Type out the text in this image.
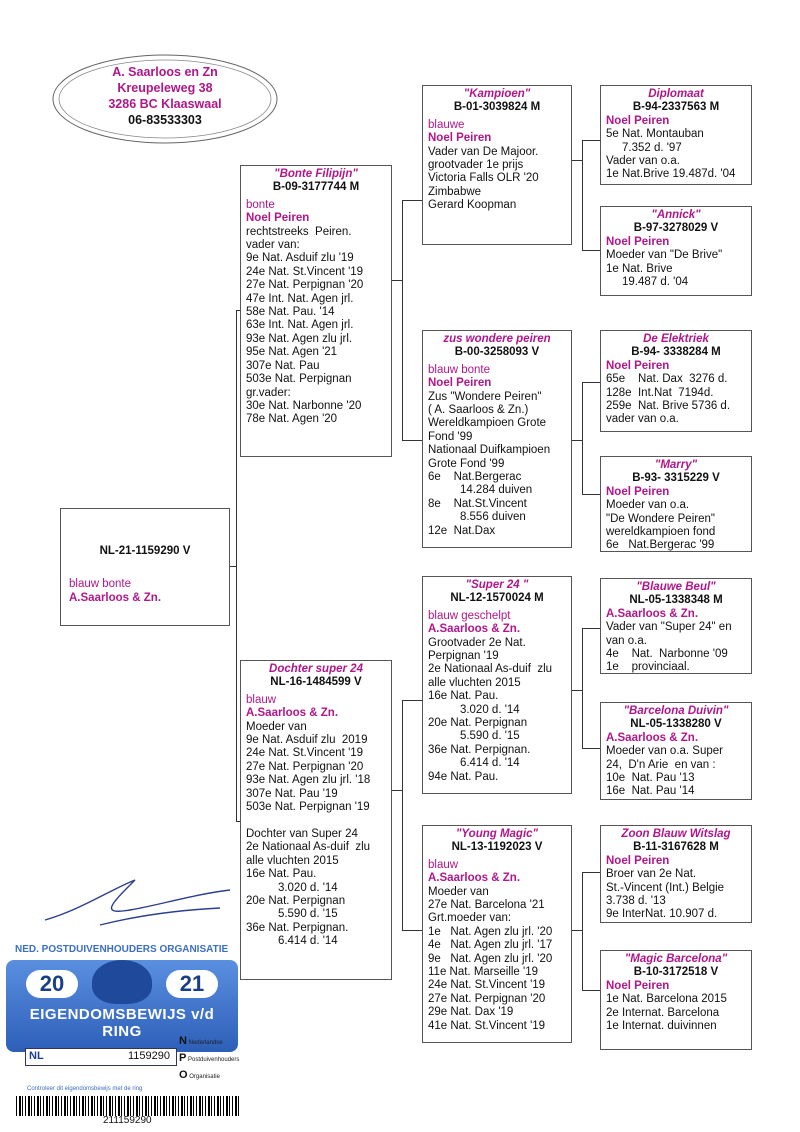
A. Saarloos en Zn
Kreupeleweg 38
3286 BC Klaaswaal
06-83533303
NL-21-1159290 V
blauw bonte
A.Saarloos & Zn.
"Bonte Filipijn"
B-09-3177744 M
bonte
Noel Peiren
rechtstreeks  Peiren.
vader van:
9e Nat. Asduif zlu '19
24e Nat. St.Vincent '19
27e Nat. Perpignan '20
47e Int. Nat. Agen jrl.
58e Nat. Pau. '14
63e Int. Nat. Agen jrl.
93e Nat. Agen zlu jrl.
95e Nat. Agen '21
307e Nat. Pau
503e Nat. Perpignan
gr.vader:
30e Nat. Narbonne '20
78e Nat. Agen '20
Dochter super 24
NL-16-1484599 V
blauw
A.Saarloos & Zn.
Moeder van
9e Nat. Asduif zlu  2019
24e Nat. St.Vincent '19
27e Nat. Perpignan '20
93e Nat. Agen zlu jrl. '18
307e Nat. Pau '19
503e Nat. Perpignan '19

Dochter van Super 24
2e Nationaal As-duif  zlu
alle vluchten 2015
16e Nat. Pau.
3.020 d. '14
20e Nat. Perpignan
5.590 d. '15
36e Nat. Perpignan.
6.414 d. '14
"Kampioen"
B-01-3039824 M
blauwe
Noel Peiren
Vader van De Majoor.
grootvader 1e prijs
Victoria Falls OLR '20
Zimbabwe
Gerard Koopman
zus wondere peiren
B-00-3258093 V
blauw bonte
Noel Peiren
Zus "Wondere Peiren"
( A. Saarloos & Zn.)
Wereldkampioen Grote
Fond '99
Nationaal Duifkampioen
Grote Fond '99
6e    Nat.Bergerac
14.284 duiven
8e    Nat.St.Vincent
8.556 duiven
12e  Nat.Dax
"Super 24 "
NL-12-1570024 M
blauw geschelpt
A.Saarloos & Zn.
Grootvader 2e Nat.
Perpignan '19
2e Nationaal As-duif  zlu
alle vluchten 2015
16e Nat. Pau.
3.020 d. '14
20e Nat. Perpignan
5.590 d. '15
36e Nat. Perpignan.
6.414 d. '14
94e Nat. Pau.
"Young Magic"
NL-13-1192023 V
blauw
A.Saarloos & Zn.
Moeder van
27e Nat. Barcelona '21
Grt.moeder van:
1e   Nat. Agen zlu jrl. '20
4e   Nat. Agen zlu jrl. '17
9e   Nat. Agen zlu jrl. '20
11e Nat. Marseille '19
24e Nat. St.Vincent '19
27e Nat. Perpignan '20
29e Nat. Dax '19
41e Nat. St.Vincent '19
Diplomaat
B-94-2337563 M
Noel Peiren
5e Nat. Montauban
7.352 d. '97
Vader van o.a.
1e Nat.Brive 19.487d. '04
"Annick"
B-97-3278029 V
Noel Peiren
Moeder van "De Brive"
1e Nat. Brive
19.487 d. '04
De Elektriek
B-94- 3338284 M
Noel Peiren
65e    Nat. Dax  3276 d.
128e  Int.Nat  7194d.
259e  Nat. Brive 5736 d.
vader van o.a.
"Marry"
B-93- 3315229 V
Noel Peiren
Moeder van o.a.
"De Wondere Peiren"
wereldkampioen fond
6e   Nat.Bergerac '99
"Blauwe Beul"
NL-05-1338348 M
A.Saarloos & Zn.
Vader van "Super 24" en
van o.a.
4e    Nat.  Narbonne '09
1e    provinciaal.
"Barcelona Duivin"
NL-05-1338280 V
A.Saarloos & Zn.
Moeder van o.a. Super
24,  D'n Arie  en van :
10e  Nat. Pau '13
16e  Nat. Pau '14
Zoon Blauw Witslag
B-11-3167628 M
Noel Peiren
Broer van 2e Nat.
St.-Vincent (Int.) Belgie
3.738 d. '13
9e InterNat. 10.907 d.
"Magic Barcelona"
B-10-3172518 V
Noel Peiren
1e Nat. Barcelona 2015
2e Internat. Barcelona
1e Internat. duivinnen
NED. POSTDUIVENHOUDERS ORGANISATIE
20	21
EIGENDOMSBEWIJS v/d RING
NL	1159290
N Nederlandse
P Postduivenhouders
O Organisatie
Controleer dit eigendomsbewijs met de ring
211159290
